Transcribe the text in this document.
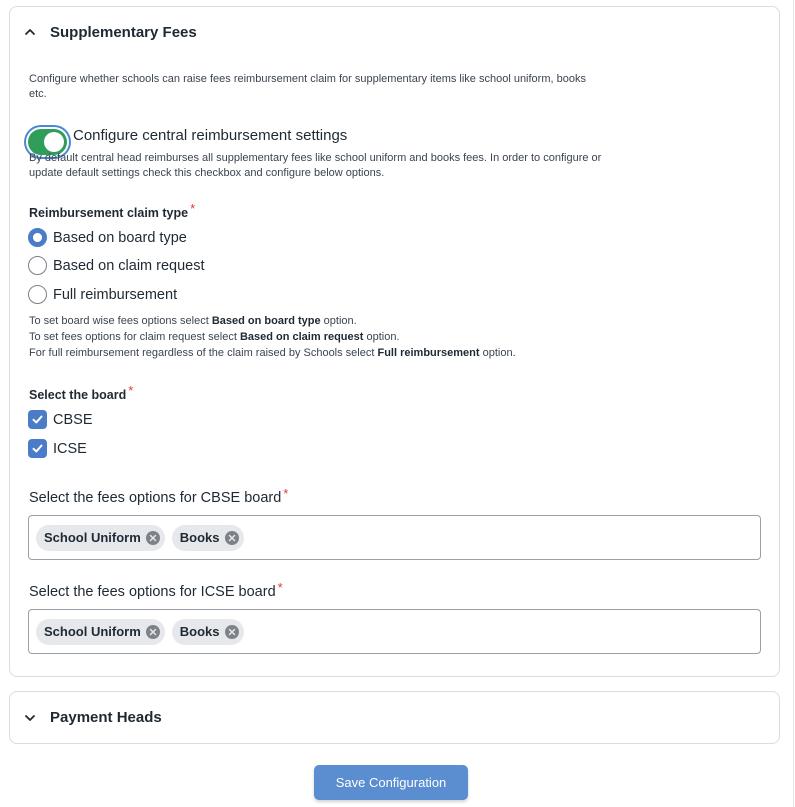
Supplementary Fees
Configure whether schools can raise fees reimbursement claim for supplementary items like school uniform, books etc.
Configure central reimbursement settings
By default central head reimburses all supplementary fees like school uniform and books fees. In order to configure or update default settings check this checkbox and configure below options.
Reimbursement claim type *
Based on board type
Based on claim request
Full reimbursement
To set board wise fees options select Based on board type option.
To set fees options for claim request select Based on claim request option.
For full reimbursement regardless of the claim raised by Schools select Full reimbursement option.
Select the board *
CBSE
ICSE
Select the fees options for CBSE board *
School Uniform	Books
Select the fees options for ICSE board *
School Uniform	Books
Payment Heads
Save Configuration
